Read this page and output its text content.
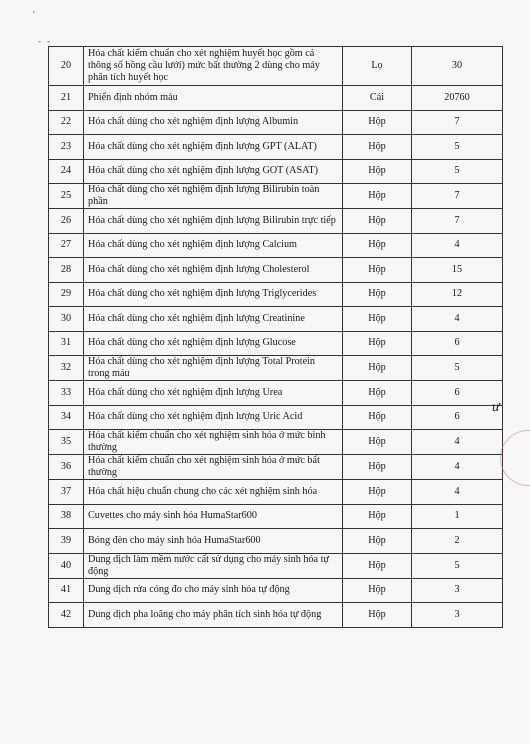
'
- -
20	Hóa chất kiểm chuẩn cho xét nghiệm huyết học gồm cả thông số hồng cầu lưới) mức bất thường 2 dùng cho máy phân tích huyết học	Lọ	30
21	Phiến định nhóm máu	Cái	20760
22	Hóa chất dùng cho xét nghiệm định lượng Albumin	Hộp	7
23	Hóa chất dùng cho xét nghiệm định lượng GPT (ALAT)	Hộp	5
24	Hóa chất dùng cho xét nghiệm định lượng GOT (ASAT)	Hộp	5
25	Hóa chất dùng cho xét nghiệm định lượng Bilirubin toàn phần	Hộp	7
26	Hóa chất dùng cho xét nghiệm định lượng Bilirubin trực tiếp	Hộp	7
27	Hóa chất dùng cho xét nghiệm định lượng Calcium	Hộp	4
28	Hóa chất dùng cho xét nghiệm định lượng Cholesterol	Hộp	15
29	Hóa chất dùng cho xét nghiệm định lượng Triglycerides	Hộp	12
30	Hóa chất dùng cho xét nghiệm định lượng Creatinine	Hộp	4
31	Hóa chất dùng cho xét nghiệm định lượng Glucose	Hộp	6
32	Hóa chất dùng cho xét nghiệm định lượng Total Protein trong máu	Hộp	5
33	Hóa chất dùng cho xét nghiệm định lượng Urea	Hộp	6
34	Hóa chất dùng cho xét nghiệm định lượng Uric Acid	Hộp	6
35	Hóa chất kiểm chuẩn cho xét nghiệm sinh hóa ở mức bình thường	Hộp	4
36	Hóa chất kiểm chuẩn cho xét nghiệm sinh hóa ở mức bất thường	Hộp	4
37	Hóa chất hiệu chuẩn chung cho các xét nghiệm sinh hóa	Hộp	4
38	Cuvettes cho máy sinh hóa HumaStar600	Hộp	1
39	Bóng đèn cho máy sinh hóa HumaStar600	Hộp	2
40	Dung dịch làm mềm nước cất sử dụng cho máy sinh hóa tự động	Hộp	5
41	Dung dịch rửa cóng đo cho máy sinh hóa tự động	Hộp	3
42	Dung dịch pha loãng cho máy phân tích sinh hóa tự động	Hộp	3
ư
